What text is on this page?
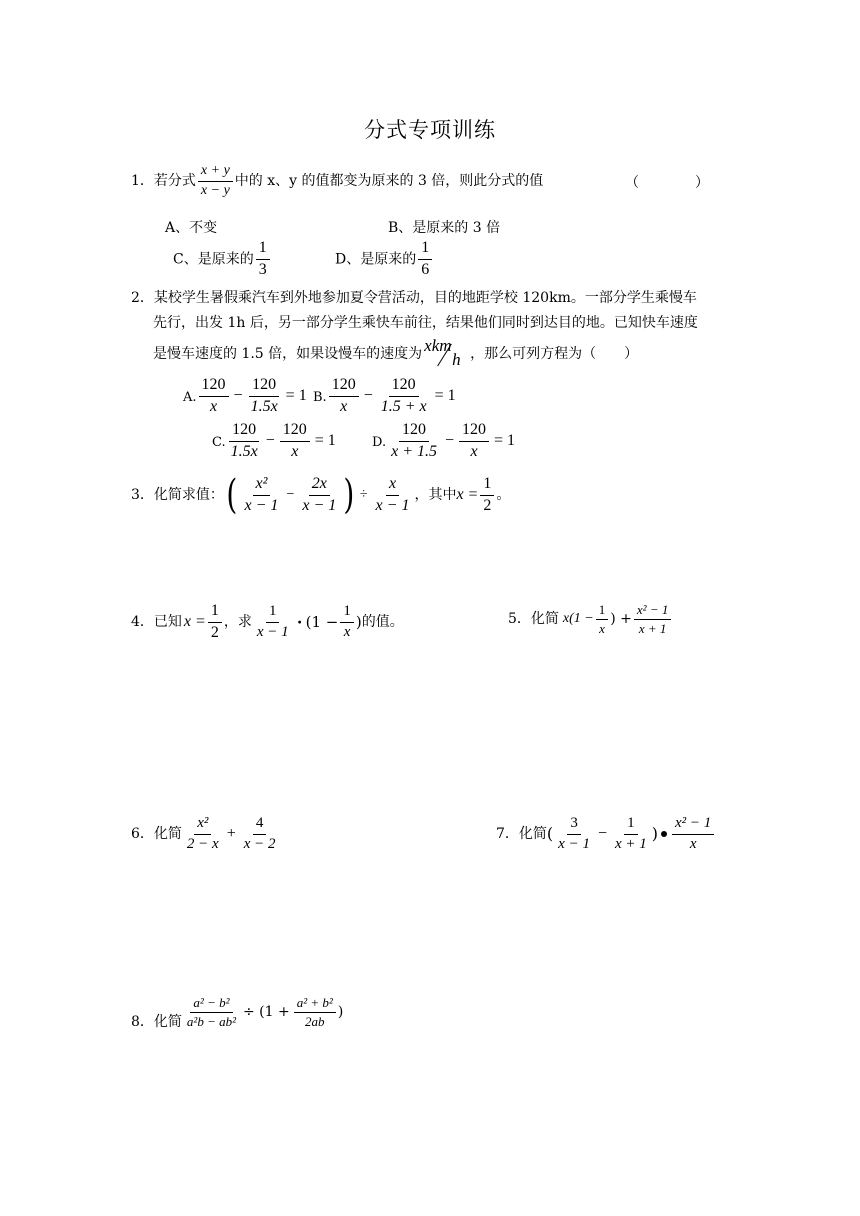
分式专项训练
1．若分式 $\frac{x + y}{x - y}$ 中的 x、y 的值都变为原来的 3 倍，则此分式的值	（　　　　）
A、不变	B、是原来的 3 倍
C、是原来的 $\frac{1}{3}$	D、是原来的 $\frac{1}{6}$
2．某校学生暑假乘汽车到外地参加夏令营活动，目的地距学校 120km。一部分学生乘慢车
先行，出发 1h 后，另一部分学生乘快车前往，结果他们同时到达目的地。已知快车速度
是慢车速度的 1.5 倍，如果设慢车的速度为 xkm
h ，那么可列方程为（　　）
A. $\frac{120}{x} - \frac{120}{1.5x} = 1$ B. $\frac{120}{x} - \frac{120}{1.5 + x} = 1$
C. $\frac{120}{1.5x} - \frac{120}{x} = 1$	D. $\frac{120}{x + 1.5} - \frac{120}{x} = 1$
3． 化简求值： ( $\frac{\text{x²}}{x - 1} - \frac{2x}{x - 1}$ ) ÷ $\frac{x}{x - 1}$ ，其中 $x = \frac{1}{2}$ 。
4． 已知 $x = \frac{1}{2}$ ，求 $\frac{1}{x - 1} \cdot (1 - \frac{1}{x}$ ) 的值。	5． 化简 $x(1 - \frac{1}{x}$ ) + $\frac{\text{x² − 1}}{x + 1}$
6． 化简 $\frac{\text{x²}}{2 - x} + \frac{4}{x - 2}$	7． 化简 ( $\frac{3}{x - 1} - \frac{1}{x + 1}$ ) $\frac{\text{x² − 1}}{x}$
8． 化简 $\frac{\text{a² − b²}}{\text{a²b − ab²}} \div (1 + \frac{\text{a² + b²}}{2ab}$ )
